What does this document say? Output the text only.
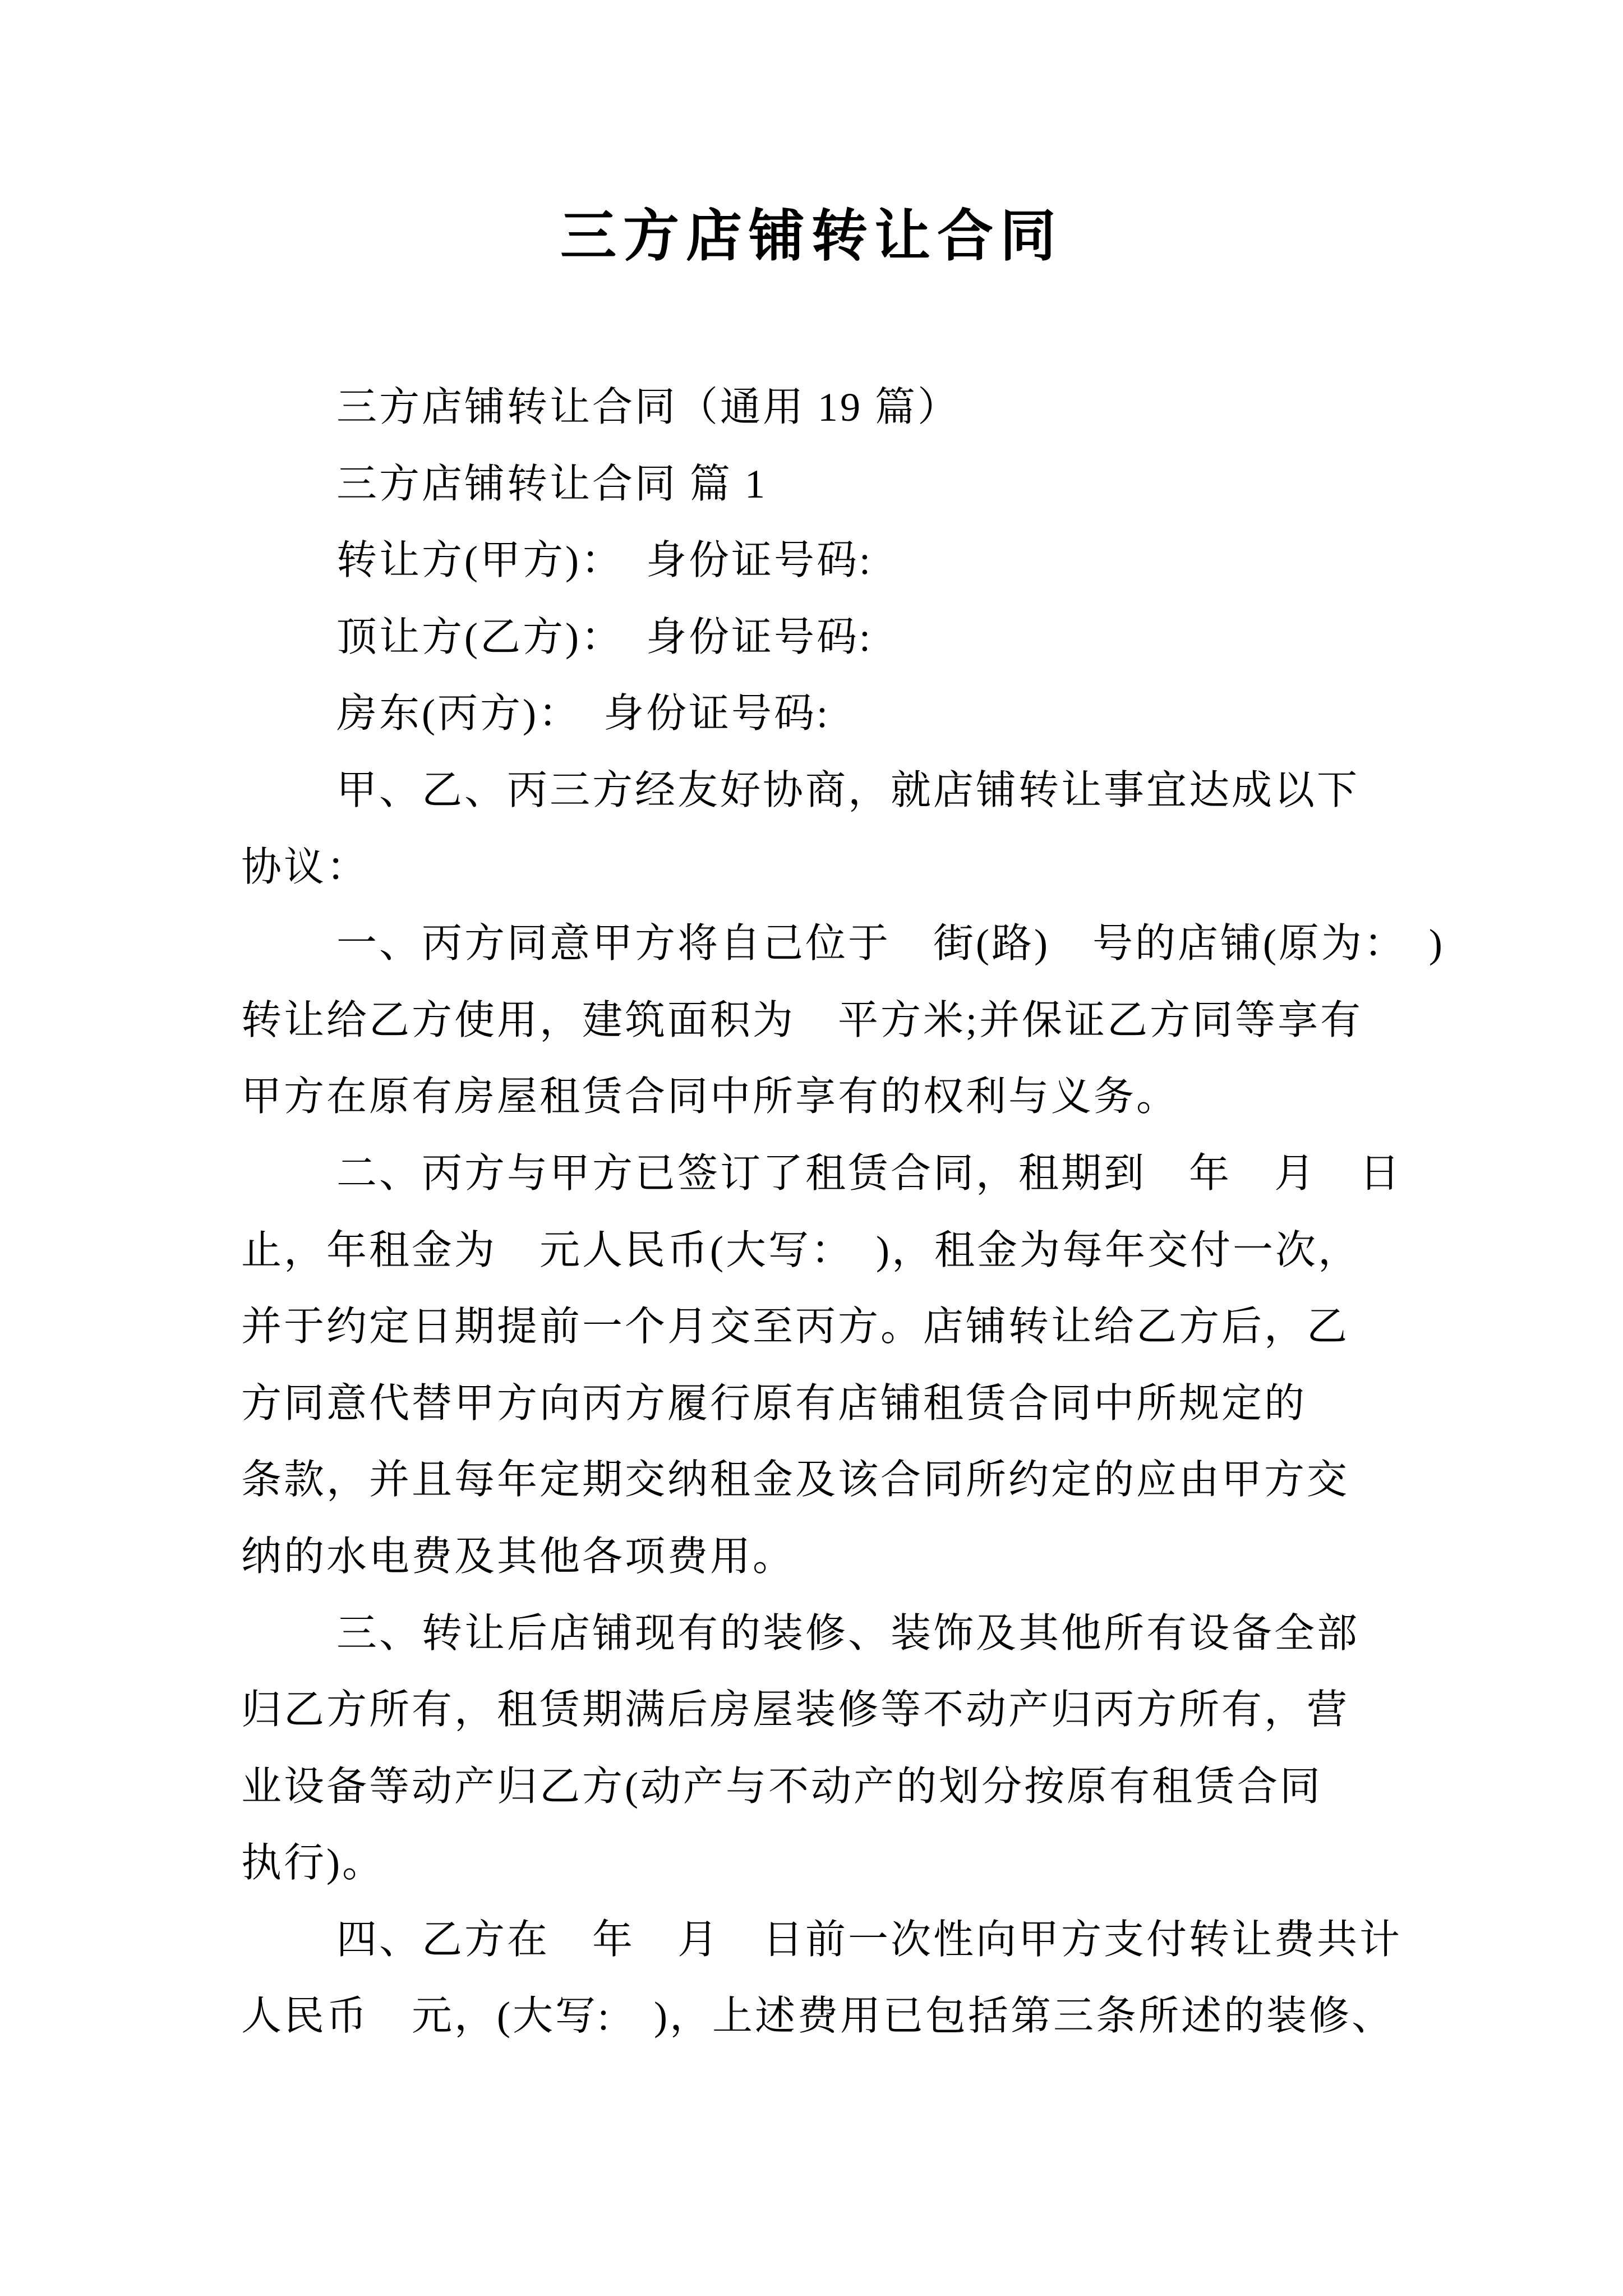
三方店铺转让合同
三方店铺转让合同（通用 19 篇）
三方店铺转让合同 篇 1
转让方(甲方)：　身份证号码:
顶让方(乙方)：　身份证号码:
房东(丙方)：　身份证号码:
甲、乙、丙三方经友好协商，就店铺转让事宜达成以下
协议：
一、丙方同意甲方将自己位于　街(路)　号的店铺(原为：　)
转让给乙方使用，建筑面积为　平方米;并保证乙方同等享有
甲方在原有房屋租赁合同中所享有的权利与义务。
二、丙方与甲方已签订了租赁合同，租期到　年　月　日
止，年租金为　元人民币(大写：　)，租金为每年交付一次，
并于约定日期提前一个月交至丙方。店铺转让给乙方后，乙
方同意代替甲方向丙方履行原有店铺租赁合同中所规定的
条款，并且每年定期交纳租金及该合同所约定的应由甲方交
纳的水电费及其他各项费用。
三、转让后店铺现有的装修、装饰及其他所有设备全部
归乙方所有，租赁期满后房屋装修等不动产归丙方所有，营
业设备等动产归乙方(动产与不动产的划分按原有租赁合同
执行)。
四、乙方在　年　月　日前一次性向甲方支付转让费共计
人民币　元，(大写:　)，上述费用已包括第三条所述的装修、
